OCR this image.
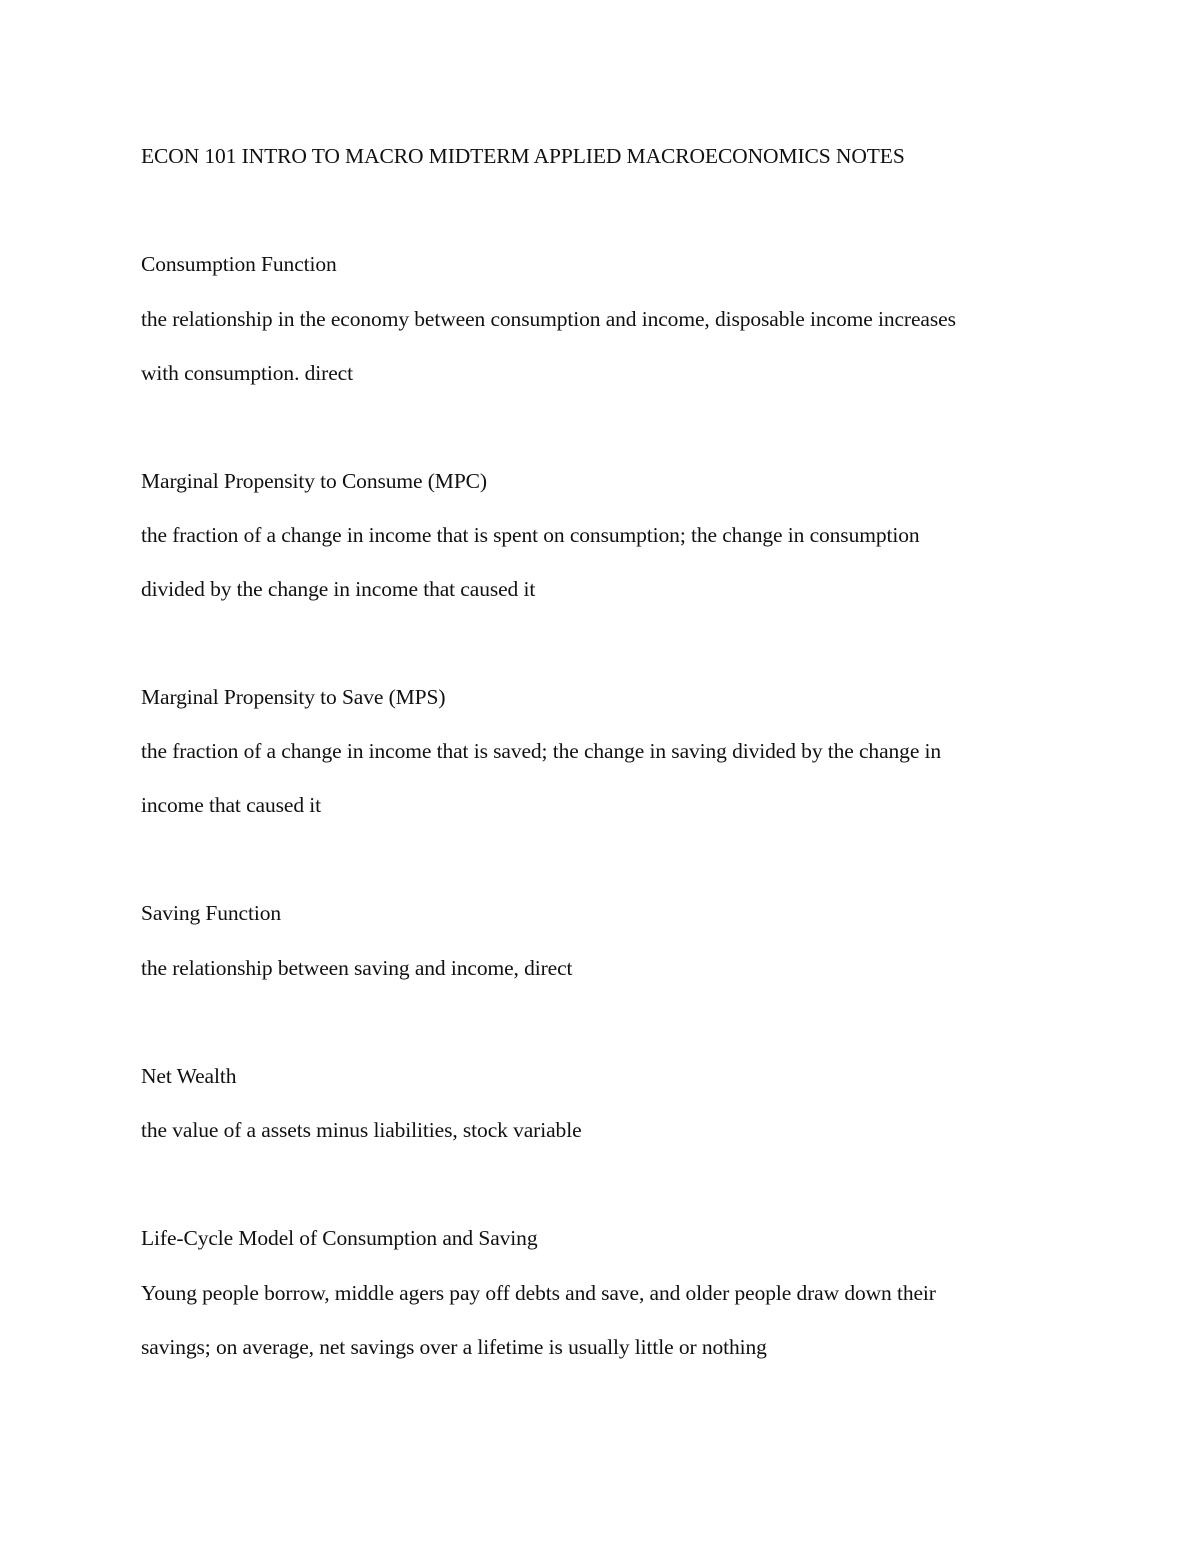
ECON 101 INTRO TO MACRO MIDTERM APPLIED MACROECONOMICS NOTES

Consumption Function

the relationship in the economy between consumption and income, disposable income increases

with consumption. direct

Marginal Propensity to Consume (MPC)

the fraction of a change in income that is spent on consumption; the change in consumption

divided by the change in income that caused it

Marginal Propensity to Save (MPS)

the fraction of a change in income that is saved; the change in saving divided by the change in

income that caused it

Saving Function

the relationship between saving and income, direct

Net Wealth

the value of a assets minus liabilities, stock variable

Life-Cycle Model of Consumption and Saving

Young people borrow, middle agers pay off debts and save, and older people draw down their

savings; on average, net savings over a lifetime is usually little or nothing
